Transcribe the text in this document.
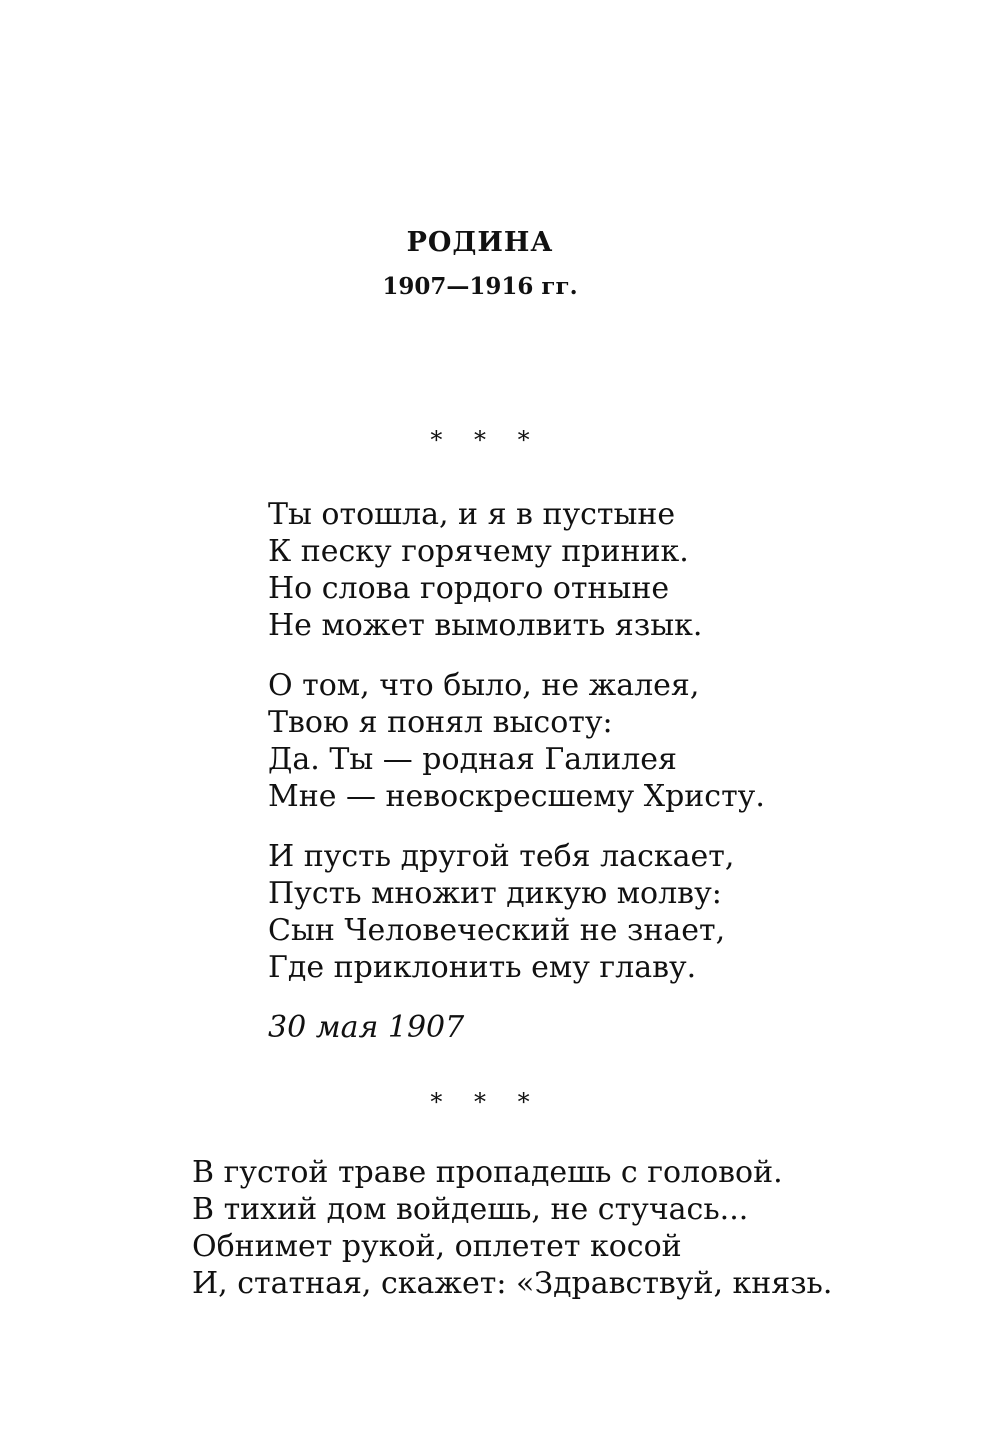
РОДИНА
1907—1916 гг.
* * *
Ты отошла, и я в пустыне
К песку горячему приник.
Но слова гордого отныне
Не может вымолвить язык.
О том, что было, не жалея,
Твою я понял высоту:
Да. Ты — родная Галилея
Мне — невоскресшему Христу.
И пусть другой тебя ласкает,
Пусть множит дикую молву:
Сын Человеческий не знает,
Где приклонить ему главу.
30 мая 1907
* * *
В густой траве пропадешь с головой.
В тихий дом войдешь, не стучась...
Обнимет рукой, оплетет косой
И, статная, скажет: «Здравствуй, князь.
